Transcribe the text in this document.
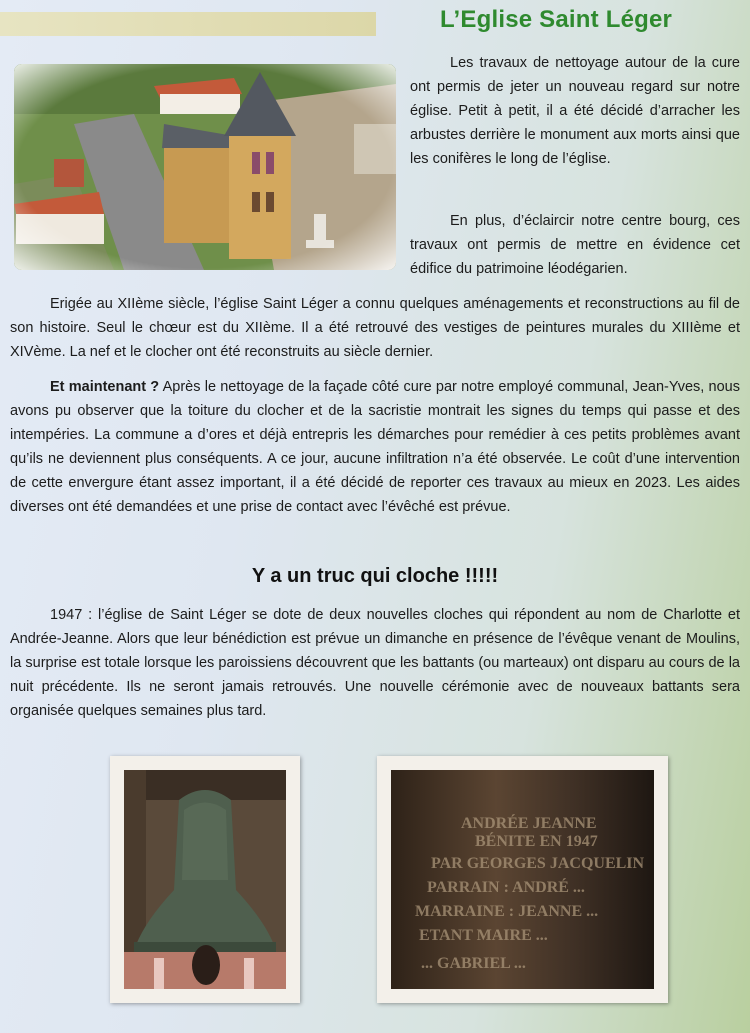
L’Eglise Saint Léger

Les travaux de nettoyage autour de la cure ont permis de jeter un nouveau regard sur notre église. Petit à petit, il a été décidé d’arracher les arbustes derrière le monument aux morts ainsi que les conifères le long de l’église.

En plus, d’éclaircir notre centre bourg, ces travaux ont permis de mettre en évidence cet édifice du patrimoine léodégarien.

Erigée au XIIème siècle, l’église Saint Léger a connu quelques aménagements et reconstructions au fil de son histoire. Seul le chœur est du XIIème. Il a été retrouvé des vestiges de peintures murales du XIIIème et XIVème. La nef et le clocher ont été reconstruits au siècle dernier.

Et maintenant ? Après le nettoyage de la façade côté cure par notre employé communal, Jean-Yves, nous avons pu observer que la toiture du clocher et de la sacristie montrait les signes du temps qui passe et des intempéries. La commune a d’ores et déjà entrepris les démarches pour remédier à ces petits problèmes avant qu’ils ne deviennent plus conséquents. A ce jour, aucune infiltration n’a été observée. Le coût d’une intervention de cette envergure étant assez important, il a été décidé de reporter ces travaux au mieux en 2023. Les aides diverses ont été demandées et une prise de contact avec l’évêché est prévue.

Y a un truc qui cloche !!!!!

1947 : l’église de Saint Léger se dote de deux nouvelles cloches qui répondent au nom de Charlotte et Andrée-Jeanne. Alors que leur bénédiction est prévue un dimanche en présence de l’évêque venant de Moulins, la surprise est totale lorsque les paroissiens découvrent que les battants (ou marteaux) ont disparu au cours de la nuit précédente. Ils ne seront jamais retrouvés. Une nouvelle cérémonie avec de nouveaux battants sera organisée quelques semaines plus tard.

ANDRÉE JEANNE
BÉNITE EN 1947
PAR GEORGES JACQUELIN
PARRAIN : ANDRÉ ...
MARRAINE : JEANNE ...
ETANT MAIRE ...
... GABRIEL ...
